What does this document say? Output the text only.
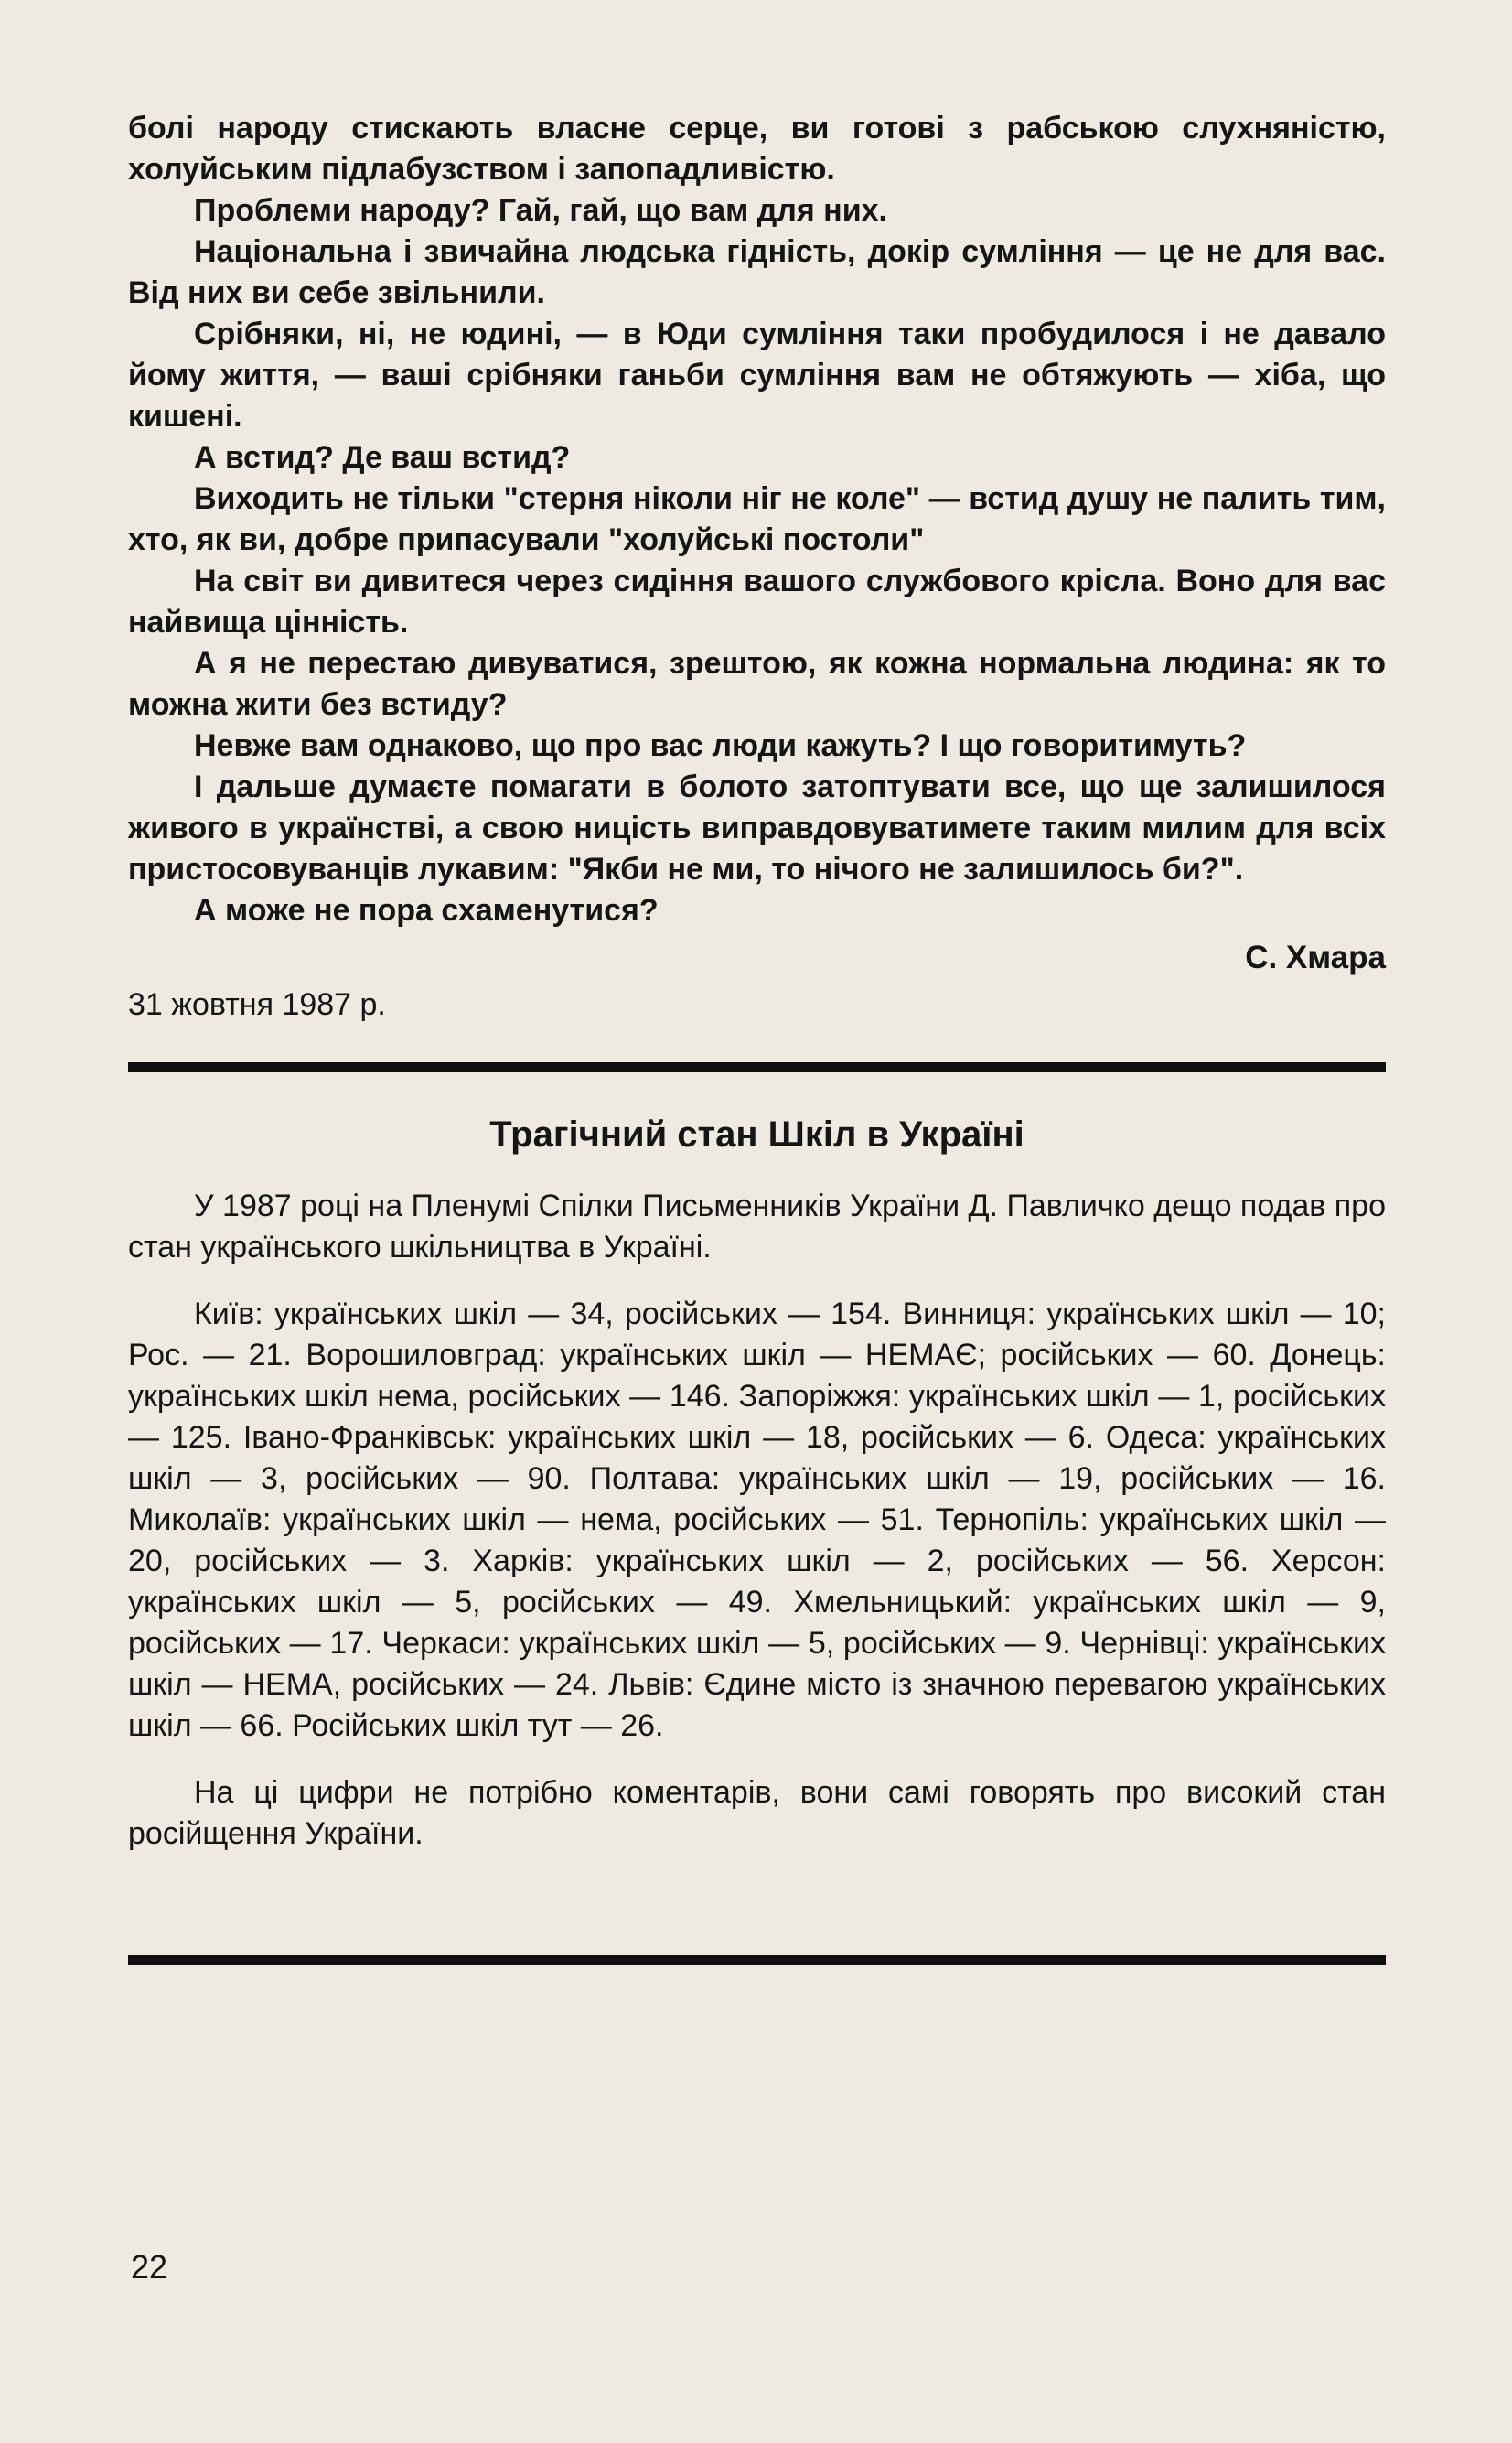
болі народу стискають власне серце, ви готові з рабською слухняністю, холуйським підлабузством і запопадливістю.

Проблеми народу? Гай, гай, що вам для них.

Національна і звичайна людська гідність, докір сумління — це не для вас. Від них ви себе звільнили.

Срібняки, ні, не юдині, — в Юди сумління таки пробудилося і не давало йому життя, — ваші срібняки ганьби сумління вам не обтяжують — хіба, що кишені.

А встид? Де ваш встид?

Виходить не тільки "стерня ніколи ніг не коле" — встид душу не палить тим, хто, як ви, добре припасували "холуйські постоли"

На світ ви дивитеся через сидіння вашого службового крісла. Воно для вас найвища цінність.

А я не перестаю дивуватися, зрештою, як кожна нормальна людина: як то можна жити без встиду?

Невже вам однаково, що про вас люди кажуть? І що говоритимуть?

І дальше думаєте помагати в болото затоптувати все, що ще залишилося живого в українстві, а свою ницість виправдовуватимете таким милим для всіх пристосовуванців лукавим: "Якби не ми, то нічого не залишилось би?".

А може не пора схаменутися?

С. Хмара
31 жовтня 1987 р.
Трагічний стан Шкіл в Україні

У 1987 році на Пленумі Спілки Письменників України Д. Павличко дещо подав про стан українського шкільництва в Україні.

Київ: українських шкіл — 34, російських — 154. Винниця: українських шкіл — 10; Рос. — 21. Ворошиловград: українських шкіл — НЕМАЄ; російських — 60. Донець: українських шкіл нема, російських — 146. Запоріжжя: українських шкіл — 1, російських — 125. Івано-Франківськ: українських шкіл — 18, російських — 6. Одеса: українських шкіл — 3, російських — 90. Полтава: українських шкіл — 19, російських — 16. Миколаїв: українських шкіл — нема, російських — 51. Тернопіль: українських шкіл — 20, російських — 3. Харків: українських шкіл — 2, російських — 56. Херсон: українських шкіл — 5, російських — 49. Хмельницький: українських шкіл — 9, російських — 17. Черкаси: українських шкіл — 5, російських — 9. Чернівці: українських шкіл — НЕМА, російських — 24. Львів: Єдине місто із значною перевагою українських шкіл — 66. Російських шкіл тут — 26.

На ці цифри не потрібно коментарів, вони самі говорять про високий стан російщення України.

22
